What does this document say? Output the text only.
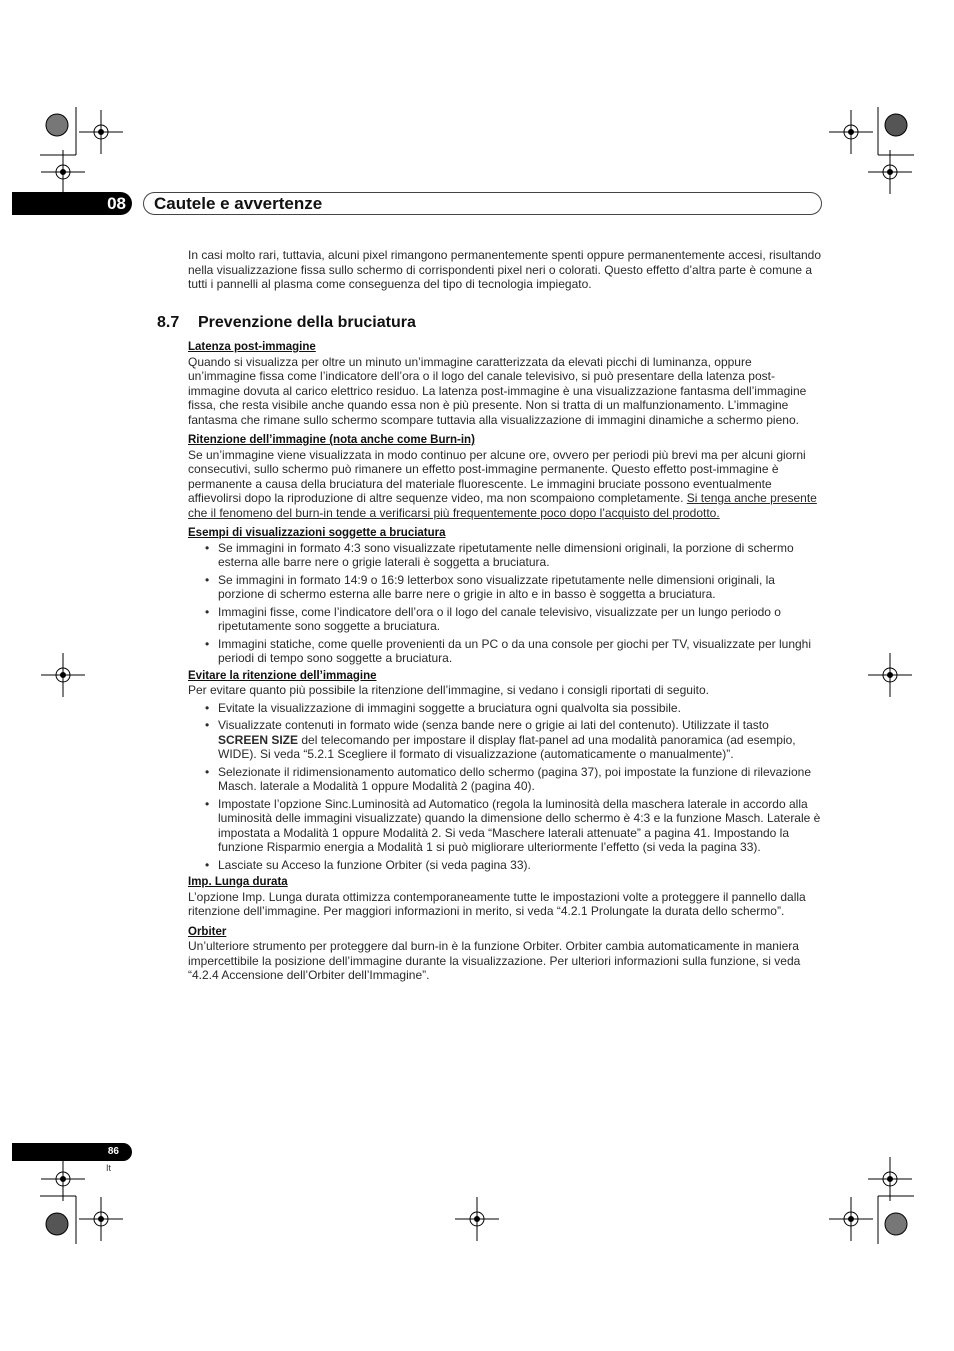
08	Cautele e avvertenze

In casi molto rari, tuttavia, alcuni pixel rimangono permanentemente spenti oppure permanentemente accesi, risultando nella visualizzazione fissa sullo schermo di corrispondenti pixel neri o colorati. Questo effetto d’altra parte è comune a tutti i pannelli al plasma come conseguenza del tipo di tecnologia impiegato.

8.7 Prevenzione della bruciatura

Latenza post-immagine

Quando si visualizza per oltre un minuto un’immagine caratterizzata da elevati picchi di luminanza, oppure un’immagine fissa come l’indicatore dell’ora o il logo del canale televisivo, si può presentare della latenza post-immagine dovuta al carico elettrico residuo. La latenza post-immagine è una visualizzazione fantasma dell’immagine fissa, che resta visibile anche quando essa non è più presente. Non si tratta di un malfunzionamento. L’immagine fantasma che rimane sullo schermo scompare tuttavia alla visualizzazione di immagini dinamiche a schermo pieno.

Ritenzione dell’immagine (nota anche come Burn-in)

Se un’immagine viene visualizzata in modo continuo per alcune ore, ovvero per periodi più brevi ma per alcuni giorni consecutivi, sullo schermo può rimanere un effetto post-immagine permanente. Questo effetto post-immagine è permanente a causa della bruciatura del materiale fluorescente. Le immagini bruciate possono eventualmente affievolirsi dopo la riproduzione di altre sequenze video, ma non scompaiono completamente. Si tenga anche presente che il fenomeno del burn-in tende a verificarsi più frequentemente poco dopo l’acquisto del prodotto.

Esempi di visualizzazioni soggette a bruciatura

• Se immagini in formato 4:3 sono visualizzate ripetutamente nelle dimensioni originali, la porzione di schermo esterna alle barre nere o grigie laterali è soggetta a bruciatura.
• Se immagini in formato 14:9 o 16:9 letterbox sono visualizzate ripetutamente nelle dimensioni originali, la porzione di schermo esterna alle barre nere o grigie in alto e in basso è soggetta a bruciatura.
• Immagini fisse, come l’indicatore dell’ora o il logo del canale televisivo, visualizzate per un lungo periodo o ripetutamente sono soggette a bruciatura.
• Immagini statiche, come quelle provenienti da un PC o da una console per giochi per TV, visualizzate per lunghi periodi di tempo sono soggette a bruciatura.

Evitare la ritenzione dell’immagine

Per evitare quanto più possibile la ritenzione dell’immagine, si vedano i consigli riportati di seguito.

• Evitate la visualizzazione di immagini soggette a bruciatura ogni qualvolta sia possibile.
• Visualizzate contenuti in formato wide (senza bande nere o grigie ai lati del contenuto). Utilizzate il tasto SCREEN SIZE del telecomando per impostare il display flat-panel ad una modalità panoramica (ad esempio, WIDE). Si veda “5.2.1 Scegliere il formato di visualizzazione (automaticamente o manualmente)”.
• Selezionate il ridimensionamento automatico dello schermo (pagina 37), poi impostate la funzione di rilevazione Masch. laterale a Modalità 1 oppure Modalità 2 (pagina 40).
• Impostate l’opzione Sinc.Luminosità ad Automatico (regola la luminosità della maschera laterale in accordo alla luminosità delle immagini visualizzate) quando la dimensione dello schermo è 4:3 e la funzione Masch. Laterale è impostata a Modalità 1 oppure Modalità 2. Si veda “Maschere laterali attenuate” a pagina 41. Impostando la funzione Risparmio energia a Modalità 1 si può migliorare ulteriormente l’effetto (si veda la pagina 33).
• Lasciate su Acceso la funzione Orbiter (si veda pagina 33).

Imp. Lunga durata

L’opzione Imp. Lunga durata ottimizza contemporaneamente tutte le impostazioni volte a proteggere il pannello dalla ritenzione dell’immagine. Per maggiori informazioni in merito, si veda “4.2.1 Prolungate la durata dello schermo”.

Orbiter

Un’ulteriore strumento per proteggere dal burn-in è la funzione Orbiter. Orbiter cambia automaticamente in maniera impercettibile la posizione dell’immagine durante la visualizzazione. Per ulteriori informazioni sulla funzione, si veda “4.2.4 Accensione dell’Orbiter dell’Immagine”.

86
It
